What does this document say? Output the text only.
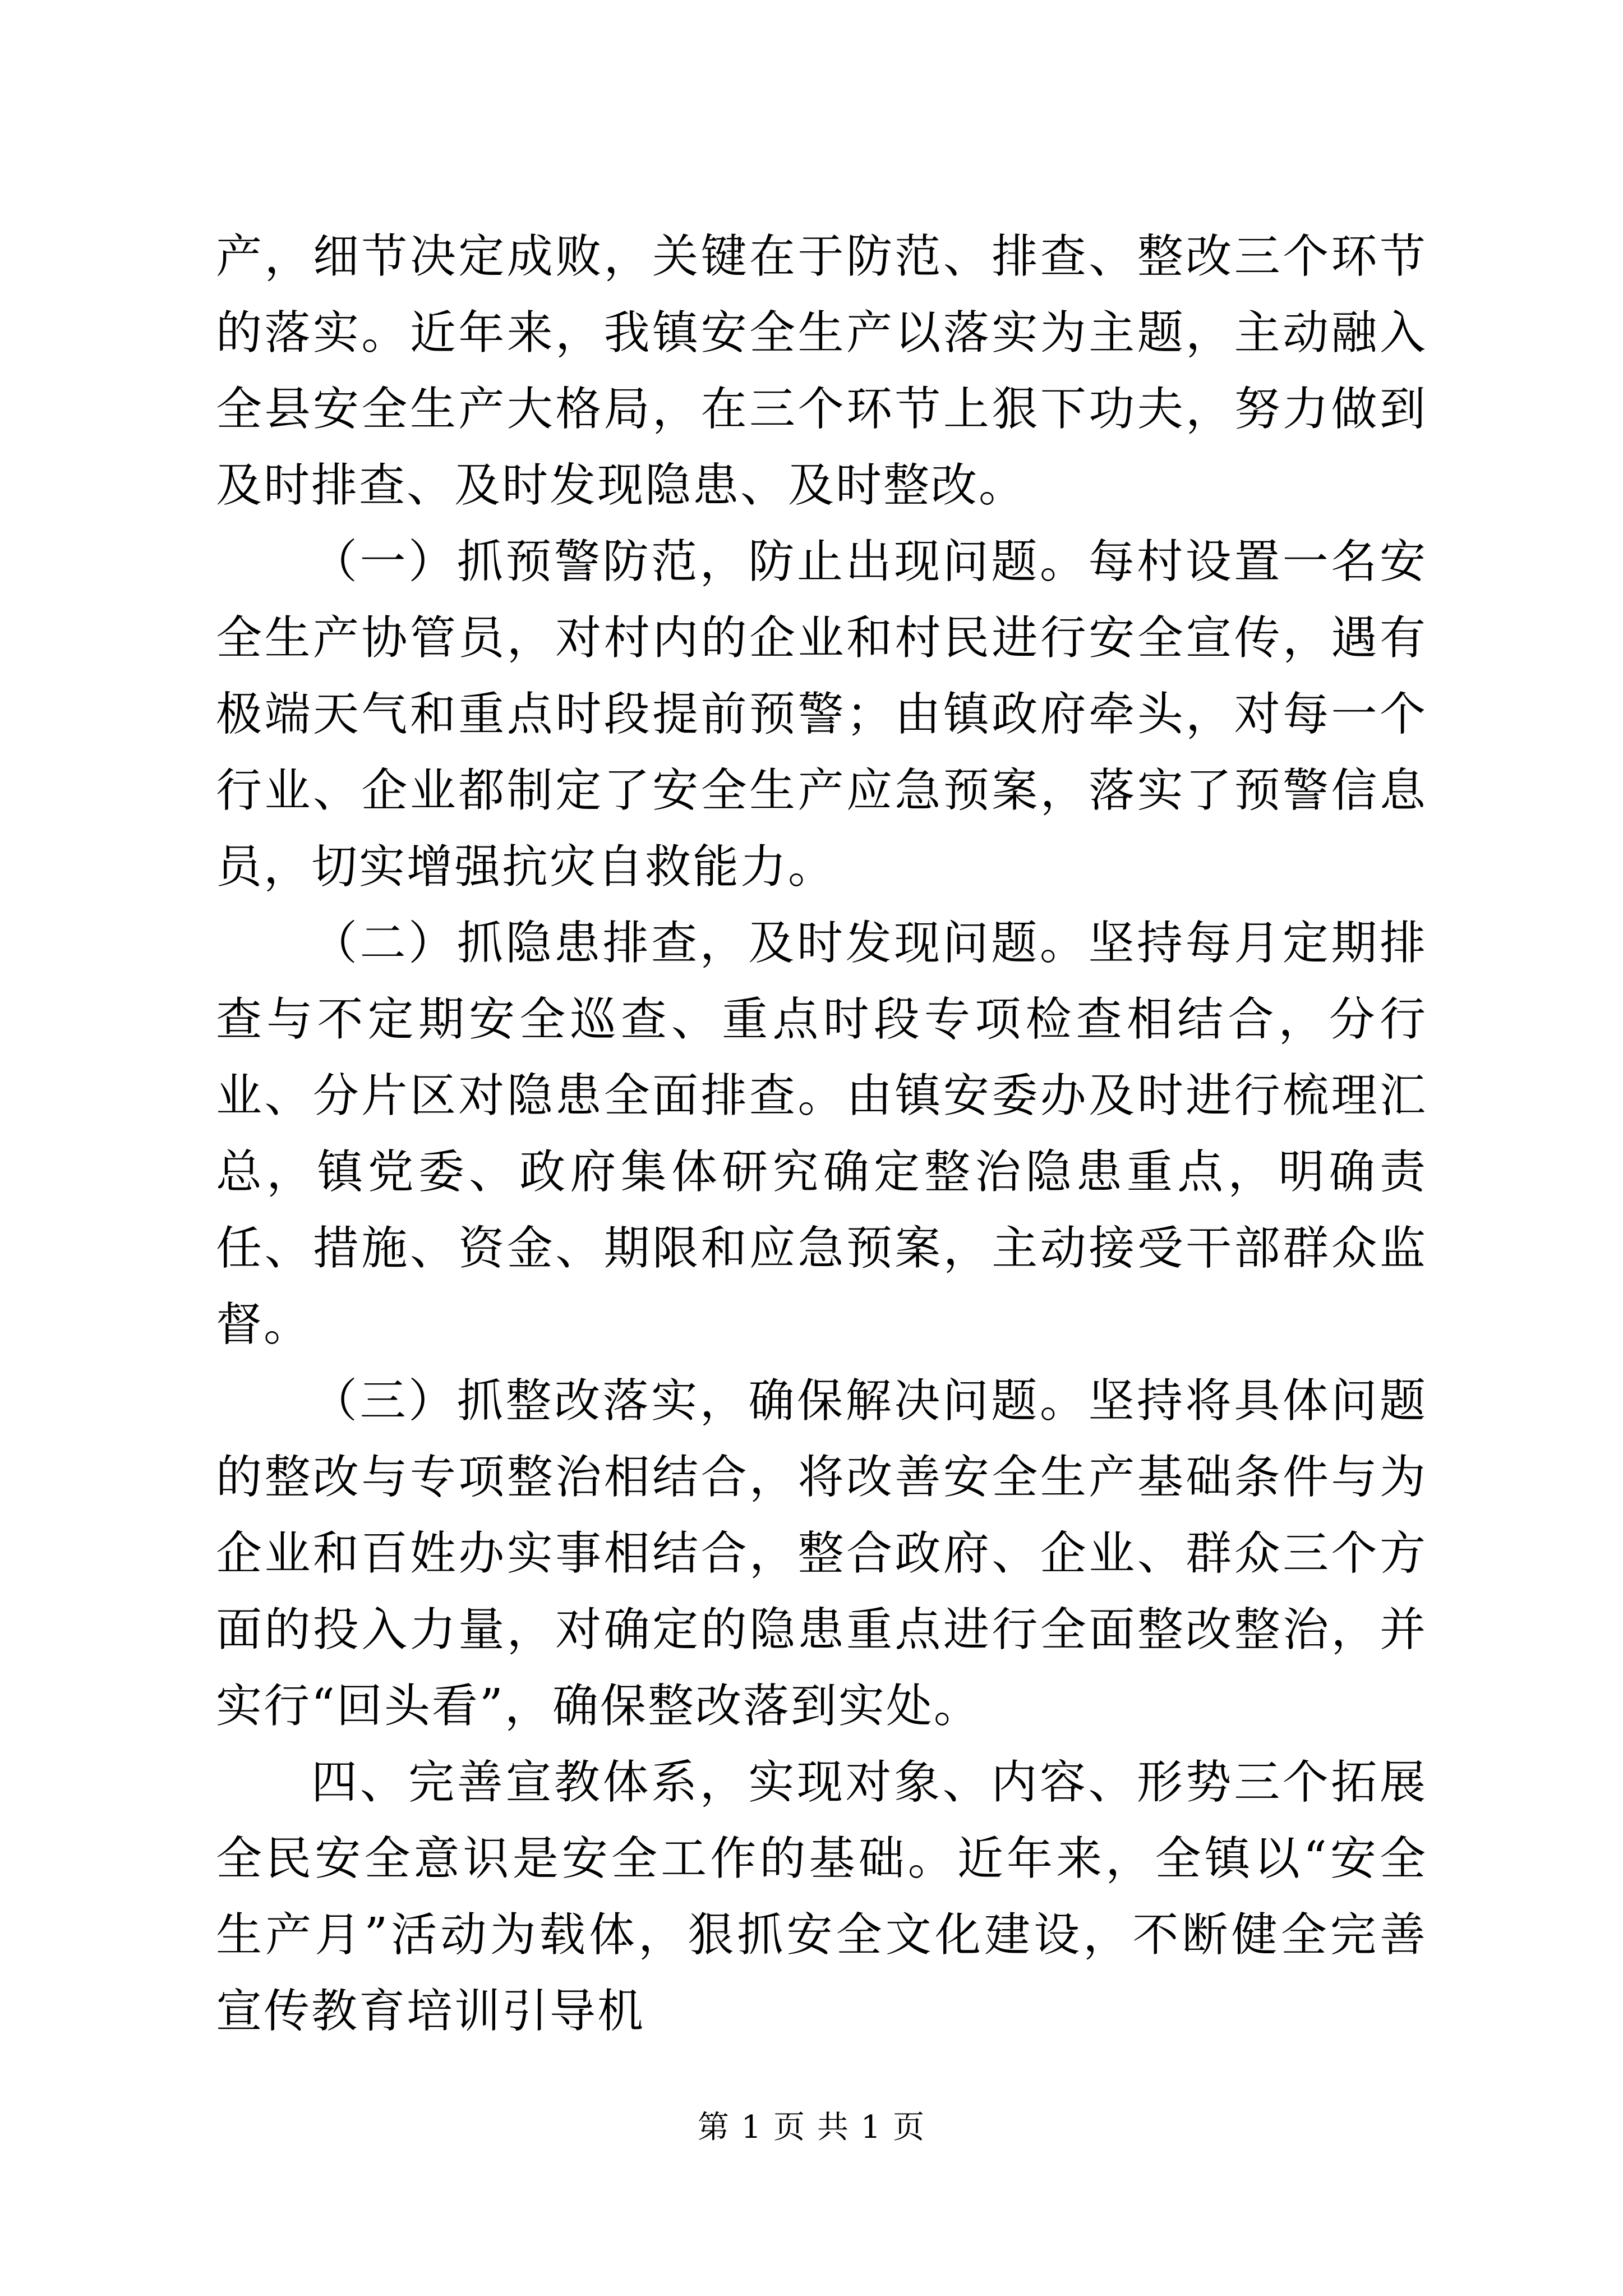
产，细节决定成败，关键在于防范、排查、整改三个环节的落实。近年来，我镇安全生产以落实为主题，主动融入全县安全生产大格局，在三个环节上狠下功夫，努力做到及时排查、及时发现隐患、及时整改。

（一）抓预警防范，防止出现问题。每村设置一名安全生产协管员，对村内的企业和村民进行安全宣传，遇有极端天气和重点时段提前预警；由镇政府牵头，对每一个行业、企业都制定了安全生产应急预案，落实了预警信息员，切实增强抗灾自救能力。

（二）抓隐患排查，及时发现问题。坚持每月定期排查与不定期安全巡查、重点时段专项检查相结合，分行业、分片区对隐患全面排查。由镇安委办及时进行梳理汇总，镇党委、政府集体研究确定整治隐患重点，明确责任、措施、资金、期限和应急预案，主动接受干部群众监督。

（三）抓整改落实，确保解决问题。坚持将具体问题的整改与专项整治相结合，将改善安全生产基础条件与为企业和百姓办实事相结合，整合政府、企业、群众三个方面的投入力量，对确定的隐患重点进行全面整改整治，并实行“回头看”，确保整改落到实处。

四、完善宣教体系，实现对象、内容、形势三个拓展全民安全意识是安全工作的基础。近年来，全镇以“安全生产月”活动为载体，狠抓安全文化建设，不断健全完善宣传教育培训引导机

第 1 页 共 1 页
